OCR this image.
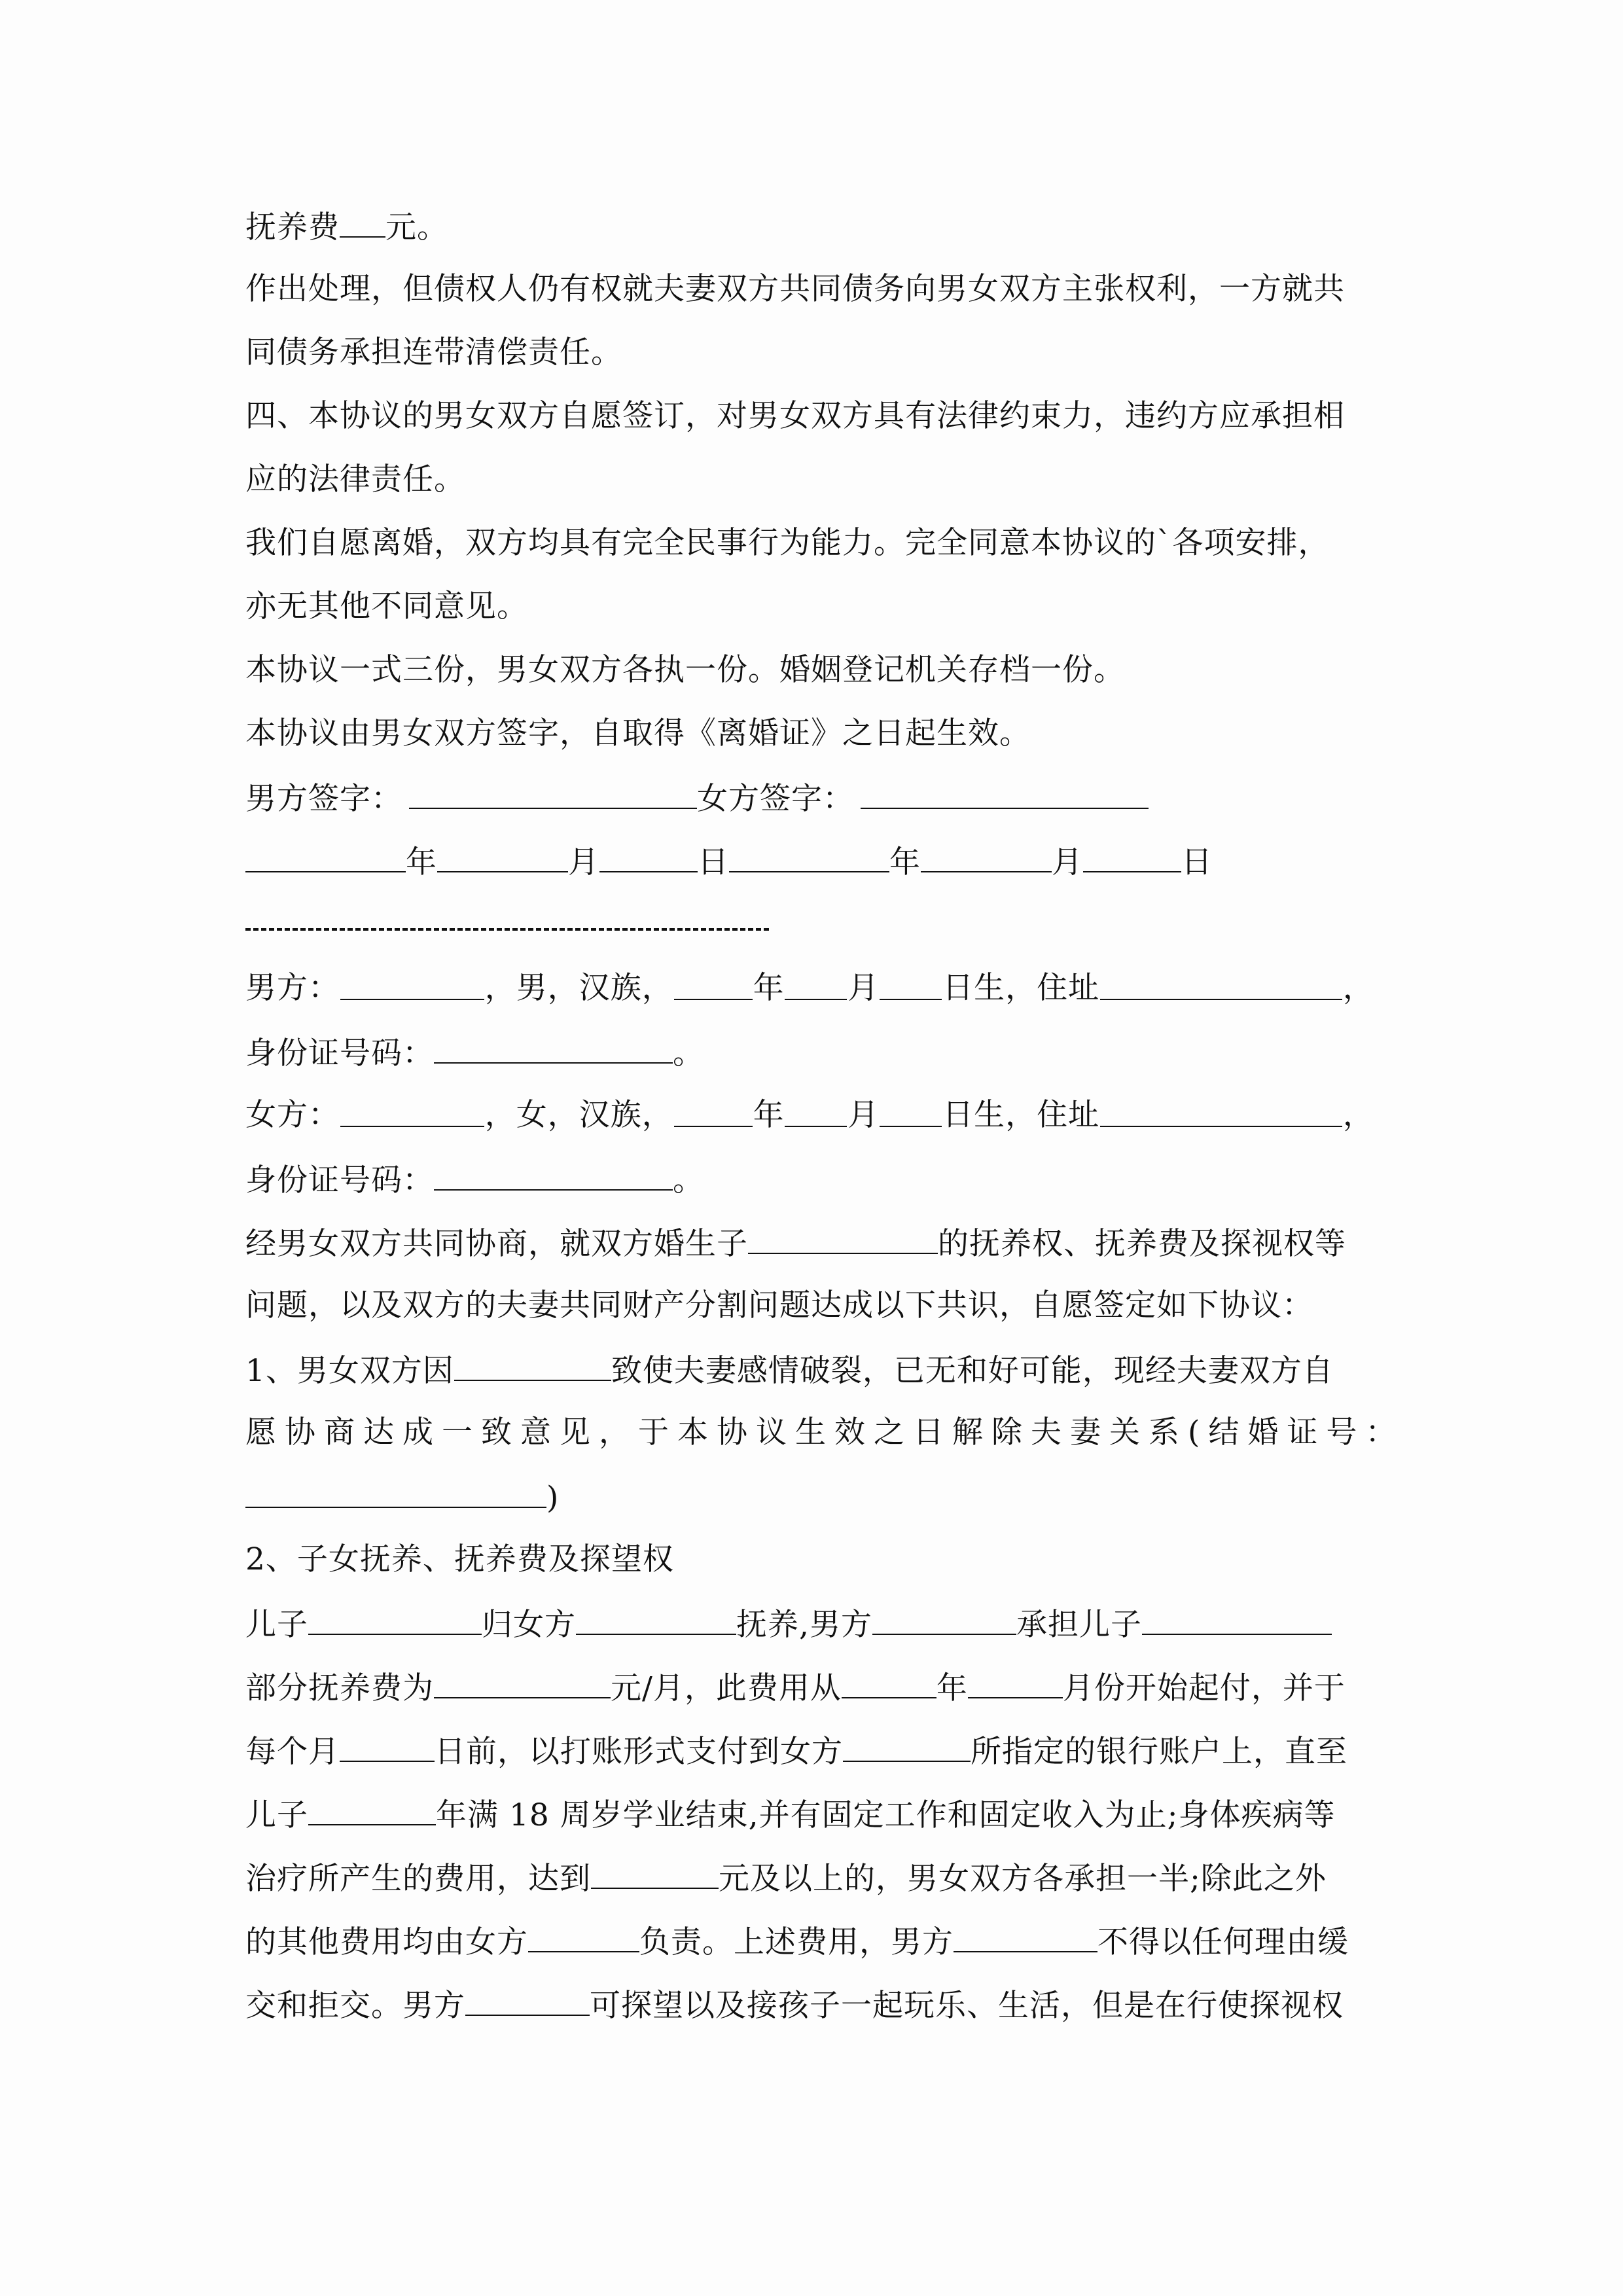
抚养费 元。
作出处理，但债权人仍有权就夫妻双方共同债务向男女双方主张权利，一方就共
同债务承担连带清偿责任。
四、本协议的男女双方自愿签订，对男女双方具有法律约束力，违约方应承担相
应的法律责任。
我们自愿离婚，双方均具有完全民事行为能力。完全同意本协议的`各项安排，
亦无其他不同意见。
本协议一式三份，男女双方各执一份。婚姻登记机关存档一份。
本协议由男女双方签字，自取得《离婚证》之日起生效。
男方签字：	女方签字：
年	月	日	年	月	日
男方：	，男，汉族，	年 月 日生，住址	，
身份证号码：	。
女方：	，女，汉族，	年 月 日生，住址	，
身份证号码：	。
经男女双方共同协商，就双方婚生子	的抚养权、抚养费及探视权等
问题，以及双方的夫妻共同财产分割问题达成以下共识，自愿签定如下协议：
1、男女双方因	致使夫妻感情破裂，已无和好可能，现经夫妻双方自
愿协商达成一致意见，于本协议生效之日解除夫妻关系(结婚证号：
)
2、子女抚养、抚养费及探望权
儿子	归女方	抚养,男方	承担儿子
部分抚养费为	元/月，此费用从	年	月份开始起付，并于
每个月	日前，以打账形式支付到女方	所指定的银行账户上，直至
儿子	年满 18 周岁学业结束,并有固定工作和固定收入为止;身体疾病等
治疗所产生的费用，达到	元及以上的，男女双方各承担一半;除此之外
的其他费用均由女方	负责。上述费用，男方	不得以任何理由缓
交和拒交。男方	可探望以及接孩子一起玩乐、生活，但是在行使探视权
